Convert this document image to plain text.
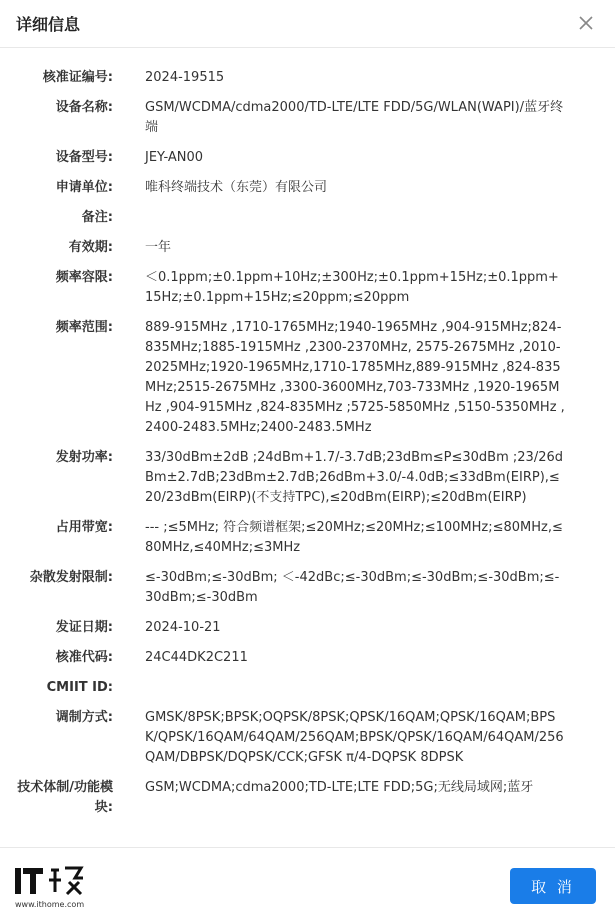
详细信息
核准证编号:	2024-19515
设备名称:	GSM/WCDMA/cdma2000/TD-LTE/LTE FDD/5G/WLAN(WAPI)/蓝牙终端
设备型号:	JEY-AN00
申请单位:	唯科终端技术（东莞）有限公司
备注:
有效期:	一年
频率容限:	＜0.1ppm;±0.1ppm+10Hz;±300Hz;±0.1ppm+15Hz;±0.1ppm+15Hz;±0.1ppm+15Hz;≤20ppm;≤20ppm
频率范围:	889-915MHz ,1710-1765MHz;1940-1965MHz ,904-915MHz;824-835MHz;1885-1915MHz ,2300-2370MHz, 2575-2675MHz ,2010-2025MHz;1920-1965MHz,1710-1785MHz,889-915MHz ,824-835MHz;2515-2675MHz ,3300-3600MHz,703-733MHz ,1920-1965MHz ,904-915MHz ,824-835MHz ;5725-5850MHz ,5150-5350MHz ,2400-2483.5MHz;2400-2483.5MHz
发射功率:	33/30dBm±2dB ;24dBm+1.7/-3.7dB;23dBm≤P≤30dBm ;23/26dBm±2.7dB;23dBm±2.7dB;26dBm+3.0/-4.0dB;≤33dBm(EIRP),≤20/23dBm(EIRP)(不支持TPC),≤20dBm(EIRP);≤20dBm(EIRP)
占用带宽:	--- ;≤5MHz; 符合频谱框架;≤20MHz;≤20MHz;≤100MHz;≤80MHz,≤80MHz,≤40MHz;≤3MHz
杂散发射限制:	≤-30dBm;≤-30dBm; ＜-42dBc;≤-30dBm;≤-30dBm;≤-30dBm;≤-30dBm;≤-30dBm
发证日期:	2024-10-21
核准代码:	24C44DK2C211
CMIIT ID:
调制方式:	GMSK/8PSK;BPSK;OQPSK/8PSK;QPSK/16QAM;QPSK/16QAM;BPSK/QPSK/16QAM/64QAM/256QAM;BPSK/QPSK/16QAM/64QAM/256QAM/DBPSK/DQPSK/CCK;GFSK π/4-DQPSK 8DPSK
技术体制/功能模块:
GSM;WCDMA;cdma2000;TD-LTE;LTE FDD;5G;无线局域网;蓝牙
www.ithome.com
取 消
